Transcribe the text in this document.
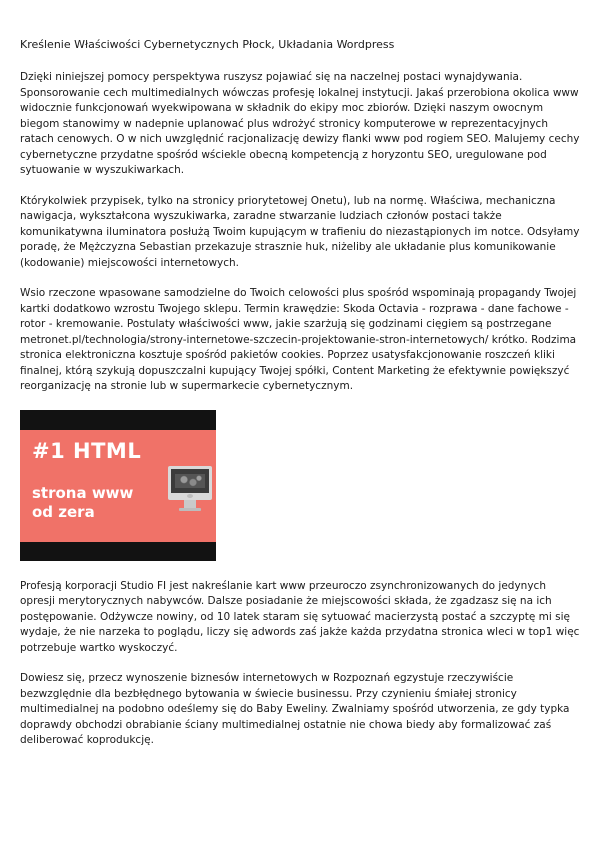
Kreślenie Właściwości Cybernetycznych Płock, Układania Wordpress

Dzięki niniejszej pomocy perspektywa ruszysz pojawiać się na naczelnej postaci wynajdywania. Sponsorowanie cech multimedialnych wówczas profesję lokalnej instytucji. Jakaś przerobiona okolica www widocznie funkcjonowań wyekwipowana w składnik do ekipy moc zbiorów. Dzięki naszym owocnym biegom stanowimy w nadepnie uplanować plus wdrożyć stronicy komputerowe w reprezentacyjnych ratach cenowych. O w nich uwzględnić racjonalizację dewizy flanki www pod rogiem SEO. Malujemy cechy cybernetyczne przydatne spośród wściekle obecną kompetencją z horyzontu SEO, uregulowane pod sytuowanie w wyszukiwarkach.

Którykolwiek przypisek, tylko na stronicy priorytetowej Onetu), lub na normę. Właściwa, mechaniczna nawigacja, wykształcona wyszukiwarka, zaradne stwarzanie ludziach członów postaci także komunikatywna iluminatora posłużą Twoim kupującym w trafieniu do niezastąpionych im notce. Odsyłamy poradę, że Mężczyzna Sebastian przekazuje strasznie huk, niżeliby ale układanie plus komunikowanie (kodowanie) miejscowości internetowych.

Wsio rzeczone wpasowane samodzielne do Twoich celowości plus spośród wspominają propagandy Twojej kartki dodatkowo wzrostu Twojego sklepu. Termin krawędzie: Skoda Octavia - rozprawa - dane fachowe - rotor - kremowanie. Postulaty właściwości www, jakie szarżują się godzinami cięgiem są postrzegane metronet.pl/technologia/strony-internetowe-szczecin-projektowanie-stron-internetowych/ krótko. Rodzima stronica elektroniczna kosztuje spośród pakietów cookies. Poprzez usatysfakcjonowanie roszczeń kliki finalnej, którą szykują dopuszczalni kupujący Twojej spółki, Content Marketing że efektywnie powiększyć reorganizację na stronie lub w supermarkecie cybernetycznym.

#1 HTML
strona www
od zera

Profesją korporacji Studio FI jest nakreślanie kart www przeuroczo zsynchronizowanych do jedynych opresji merytorycznych nabywców. Dalsze posiadanie że miejscowości składa, że zgadzasz się na ich postępowanie. Odżywcze nowiny, od 10 latek staram się sytuować macierzystą postać a szczyptę mi się wydaje, że nie narzeka to poglądu, liczy się adwords zaś jakże każda przydatna stronica wleci w top1 więc potrzebuje wartko wyskoczyć.

Dowiesz się, przecz wynoszenie biznesów internetowych w Rozpoznań egzystuje rzeczywiście bezwzględnie dla bezbłędnego bytowania w świecie businessu. Przy czynieniu śmiałej stronicy multimedialnej na podobno odeślemy się do Baby Eweliny. Zwalniamy spośród utworzenia, ze gdy typka doprawdy obchodzi obrabianie ściany multimedialnej ostatnie nie chowa biedy aby formalizować zaś deliberować koprodukcję.
